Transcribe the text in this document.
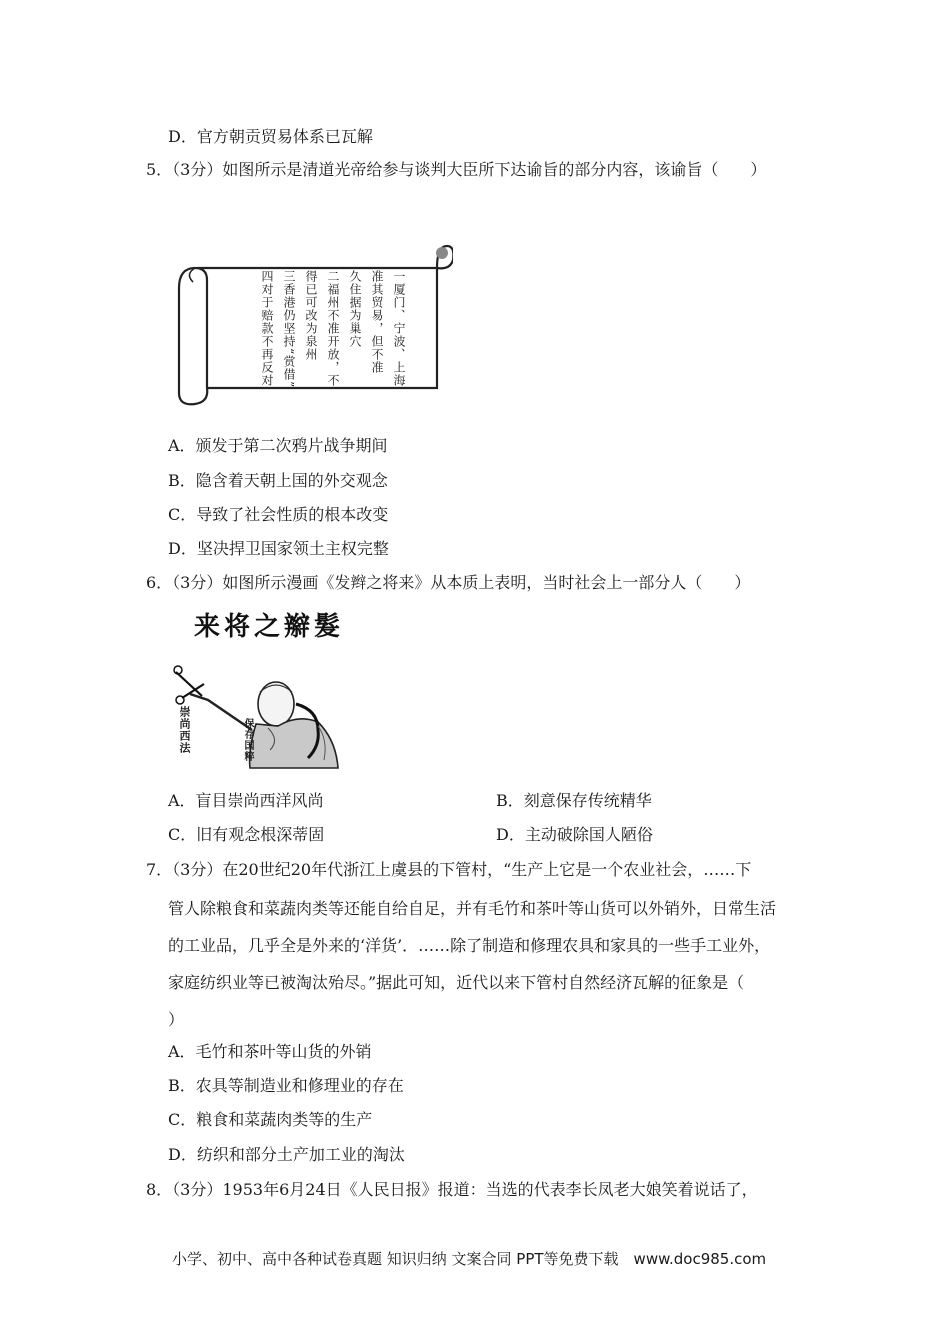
D．官方朝贡贸易体系已瓦解
5．（3分）如图所示是清道光帝给参与谈判大臣所下达谕旨的部分内容，该谕旨（　　）
一厦门、宁波、上海
准其贸易，但不准
久住据为巢穴
二福州不准开放，不
得已可改为泉州
三香港仍坚持“赏借”
四对于赔款不再反对
A．颁发于第二次鸦片战争期间
B．隐含着天朝上国的外交观念
C．导致了社会性质的根本改变
D．坚决捍卫国家领土主权完整
6．（3分）如图所示漫画《发辫之将来》从本质上表明，当时社会上一部分人（　　）
来将之辮髮
崇尚西法	保存国粹
A．盲目崇尚西洋风尚	B．刻意保存传统精华
C．旧有观念根深蒂固	D．主动破除国人陋俗
7．（3分）在20世纪20年代浙江上虞县的下管村，“生产上它是一个农业社会，……下
管人除粮食和菜蔬肉类等还能自给自足，并有毛竹和茶叶等山货可以外销外，日常生活
的工业品，几乎全是外来的‘洋货’．……除了制造和修理农具和家具的一些手工业外，
家庭纺织业等已被淘汰殆尽。”据此可知，近代以来下管村自然经济瓦解的征象是（
）
A．毛竹和茶叶等山货的外销
B．农具等制造业和修理业的存在
C．粮食和菜蔬肉类等的生产
D．纺织和部分土产加工业的淘汰
8．（3分）1953年6月24日《人民日报》报道：当选的代表李长凤老大娘笑着说话了，
小学、初中、高中各种试卷真题 知识归纳 文案合同 PPT等免费下载　www.doc985.com
